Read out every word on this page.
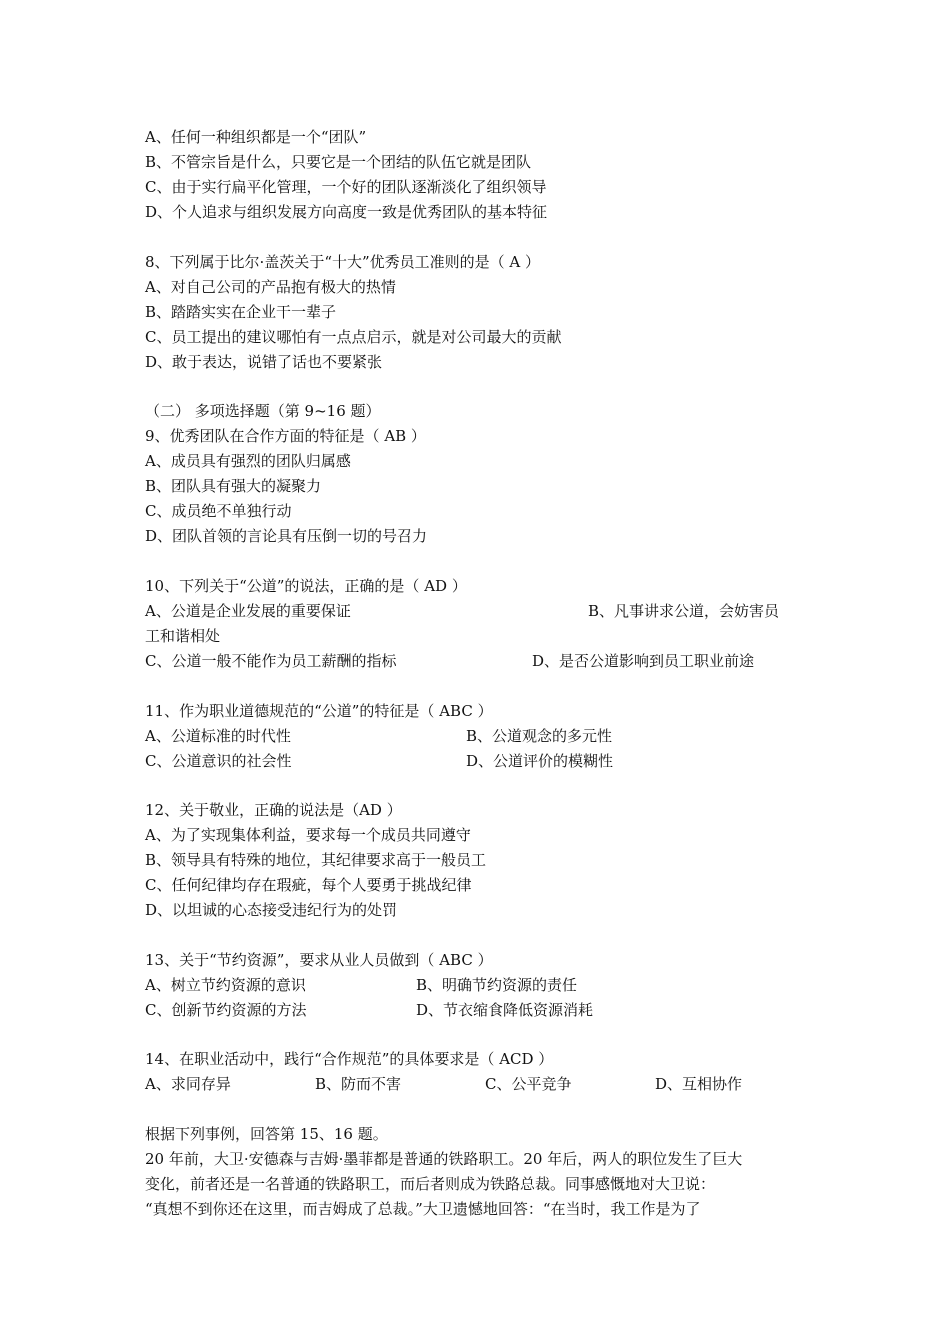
A、任何一种组织都是一个“团队”
B、不管宗旨是什么，只要它是一个团结的队伍它就是团队
C、由于实行扁平化管理，一个好的团队逐渐淡化了组织领导
D、个人追求与组织发展方向高度一致是优秀团队的基本特征
8、下列属于比尔·盖茨关于“十大”优秀员工准则的是（ A ）
A、对自己公司的产品抱有极大的热情
B、踏踏实实在企业干一辈子
C、员工提出的建议哪怕有一点点启示，就是对公司最大的贡献
D、敢于表达，说错了话也不要紧张
（二） 多项选择题（第 9~16 题）
9、优秀团队在合作方面的特征是（ AB ）
A、成员具有强烈的团队归属感
B、团队具有强大的凝聚力
C、成员绝不单独行动
D、团队首领的言论具有压倒一切的号召力
10、下列关于“公道”的说法，正确的是（ AD ）
A、公道是企业发展的重要保证	B、凡事讲求公道，会妨害员
工和谐相处
C、公道一般不能作为员工薪酬的指标	D、是否公道影响到员工职业前途
11、作为职业道德规范的“公道”的特征是（ ABC ）
A、公道标准的时代性	B、公道观念的多元性
C、公道意识的社会性	D、公道评价的模糊性
12、关于敬业，正确的说法是（AD ）
A、为了实现集体利益，要求每一个成员共同遵守
B、领导具有特殊的地位，其纪律要求高于一般员工
C、任何纪律均存在瑕疵，每个人要勇于挑战纪律
D、以坦诚的心态接受违纪行为的处罚
13、关于“节约资源”，要求从业人员做到（ ABC ）
A、树立节约资源的意识	B、明确节约资源的责任
C、创新节约资源的方法	D、节衣缩食降低资源消耗
14、在职业活动中，践行“合作规范”的具体要求是（ ACD ）
A、求同存异	B、防而不害	C、公平竞争	D、互相协作
根据下列事例，回答第 15、16 题。
20 年前，大卫·安德森与吉姆·墨菲都是普通的铁路职工。20 年后，两人的职位发生了巨大
变化，前者还是一名普通的铁路职工，而后者则成为铁路总裁。同事感慨地对大卫说：
“真想不到你还在这里，而吉姆成了总裁。”大卫遗憾地回答：“在当时，我工作是为了
